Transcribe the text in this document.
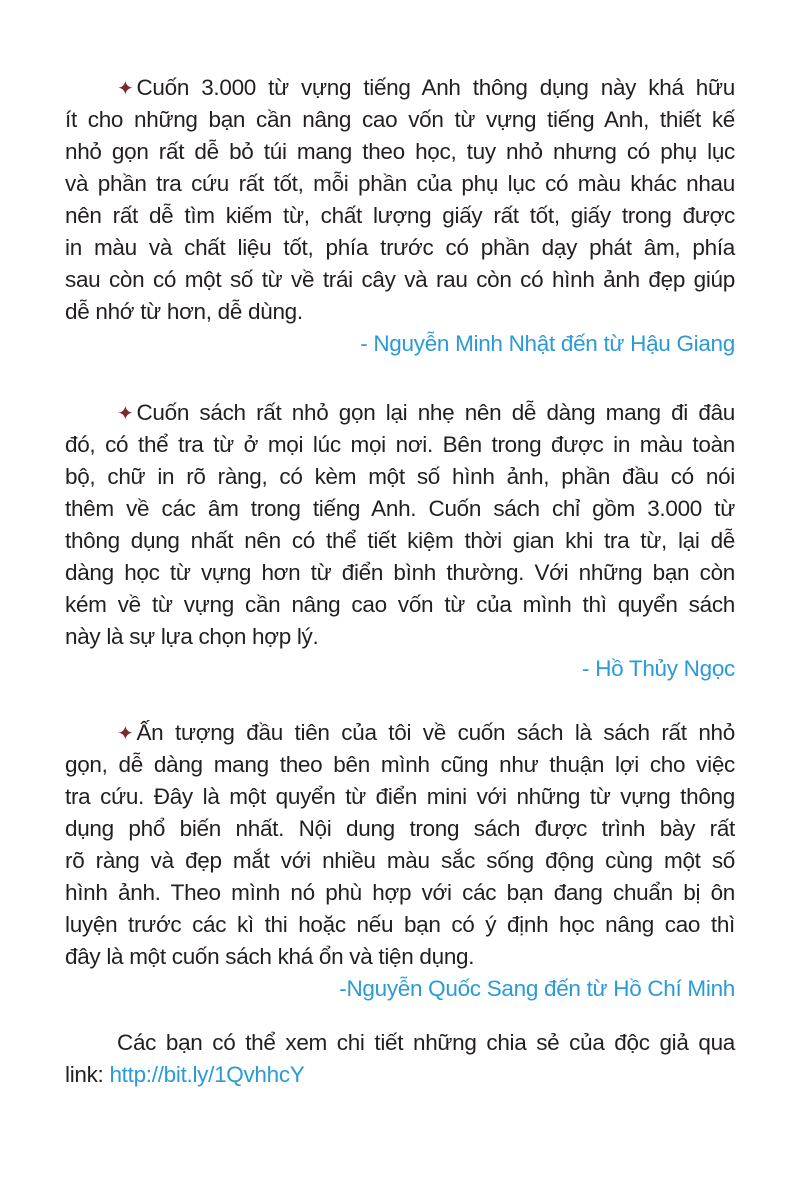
✦ Cuốn 3.000 từ vựng tiếng Anh thông dụng này khá hữu
ít cho những bạn cần nâng cao vốn từ vựng tiếng Anh, thiết kế
nhỏ gọn rất dễ bỏ túi mang theo học, tuy nhỏ nhưng có phụ lục
và phần tra cứu rất tốt, mỗi phần của phụ lục có màu khác nhau
nên rất dễ tìm kiếm từ, chất lượng giấy rất tốt, giấy trong được
in màu và chất liệu tốt, phía trước có phần dạy phát âm, phía
sau còn có một số từ về trái cây và rau còn có hình ảnh đẹp giúp
dễ nhớ từ hơn, dễ dùng.
- Nguyễn Minh Nhật đến từ Hậu Giang
✦ Cuốn sách rất nhỏ gọn lại nhẹ nên dễ dàng mang đi đâu
đó, có thể tra từ ở mọi lúc mọi nơi. Bên trong được in màu toàn
bộ, chữ in rõ ràng, có kèm một số hình ảnh, phần đầu có nói
thêm về các âm trong tiếng Anh. Cuốn sách chỉ gồm 3.000 từ
thông dụng nhất nên có thể tiết kiệm thời gian khi tra từ, lại dễ
dàng học từ vựng hơn từ điển bình thường. Với những bạn còn
kém về từ vựng cần nâng cao vốn từ của mình thì quyển sách
này là sự lựa chọn hợp lý.
- Hồ Thủy Ngọc
✦ Ấn tượng đầu tiên của tôi về cuốn sách là sách rất nhỏ
gọn, dễ dàng mang theo bên mình cũng như thuận lợi cho việc
tra cứu. Đây là một quyển từ điển mini với những từ vựng thông
dụng phổ biến nhất. Nội dung trong sách được trình bày rất
rõ ràng và đẹp mắt với nhiều màu sắc sống động cùng một số
hình ảnh. Theo mình nó phù hợp với các bạn đang chuẩn bị ôn
luyện trước các kì thi hoặc nếu bạn có ý định học nâng cao thì
đây là một cuốn sách khá ổn và tiện dụng.
-Nguyễn Quốc Sang đến từ Hồ Chí Minh
Các bạn có thể xem chi tiết những chia sẻ của độc giả qua
link: http://bit.ly/1QvhhcY
